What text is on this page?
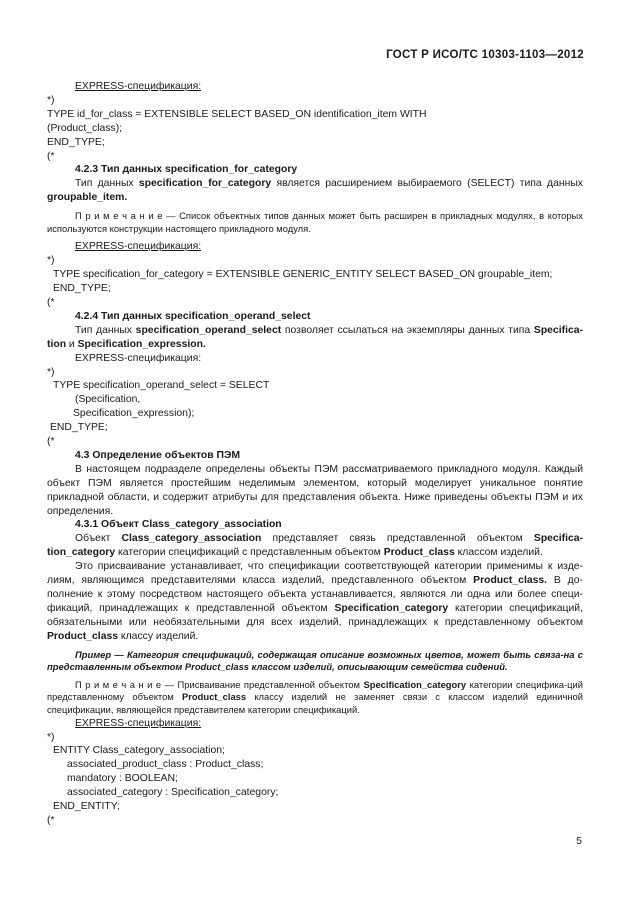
ГОСТ Р ИСО/ТС 10303-1103—2012

EXPRESS-спецификация:

*)

TYPE id_for_class = EXTENSIBLE SELECT BASED_ON identification_item WITH

(Product_class);

END_TYPE;

(*

4.2.3 Тип данных specification_for_category

Тип данных specification_for_category является расширением выбираемого (SELECT) типа данных groupable_item.

П р и м е ч а н и е — Список объектных типов данных может быть расширен в прикладных модулях, в которых используются конструкции настоящего прикладного модуля.

EXPRESS-спецификация:

*)

TYPE specification_for_category = EXTENSIBLE GENERIC_ENTITY SELECT BASED_ON groupable_item;

END_TYPE;

(*

4.2.4 Тип данных specification_operand_select

Тип данных specification_operand_select позволяет ссылаться на экземпляры данных типа Specifica-tion и Specification_expression.

EXPRESS-спецификация:

*)

TYPE specification_operand_select = SELECT

(Specification,

Specification_expression);

END_TYPE;

(*

4.3 Определение объектов ПЭМ

В настоящем подразделе определены объекты ПЭМ рассматриваемого прикладного модуля. Каждый объект ПЭМ является простейшим неделимым элементом, который моделирует уникальное понятие прикладной области, и содержит атрибуты для представления объекта. Ниже приведены объекты ПЭМ и их определения.

4.3.1 Объект Class_category_association

Объект Class_category_association представляет связь представленной объектом Specifica-tion_category категории спецификаций с представленным объектом Product_class классом изделий.

Это присваивание устанавливает, что спецификации соответствующей категории применимы к изде-лиям, являющимся представителями класса изделий, представленного объектом Product_class. В до-полнение к этому посредством настоящего объекта устанавливается, являются ли одна или более специ-фикаций, принадлежащих к представленной объектом Specification_category категории спецификаций, обязательными или необязательными для всех изделий, принадлежащих к представленному объектом Product_class классу изделий.

Пример — Категория спецификаций, содержащая описание возможных цветов, может быть связа-на с представленным объектом Product_class классом изделий, описывающим семейства сидений.

П р и м е ч а н и е — Присваивание представленной объектом Specification_category категории специфика-ций представленному объектом Product_class классу изделий не заменяет связи с классом изделий единичной спецификации, являющейся представителем категории спецификаций.

EXPRESS-спецификация:

*)

ENTITY Class_category_association;

associated_product_class : Product_class;

mandatory : BOOLEAN;

associated_category : Specification_category;

END_ENTITY;

(*

5
